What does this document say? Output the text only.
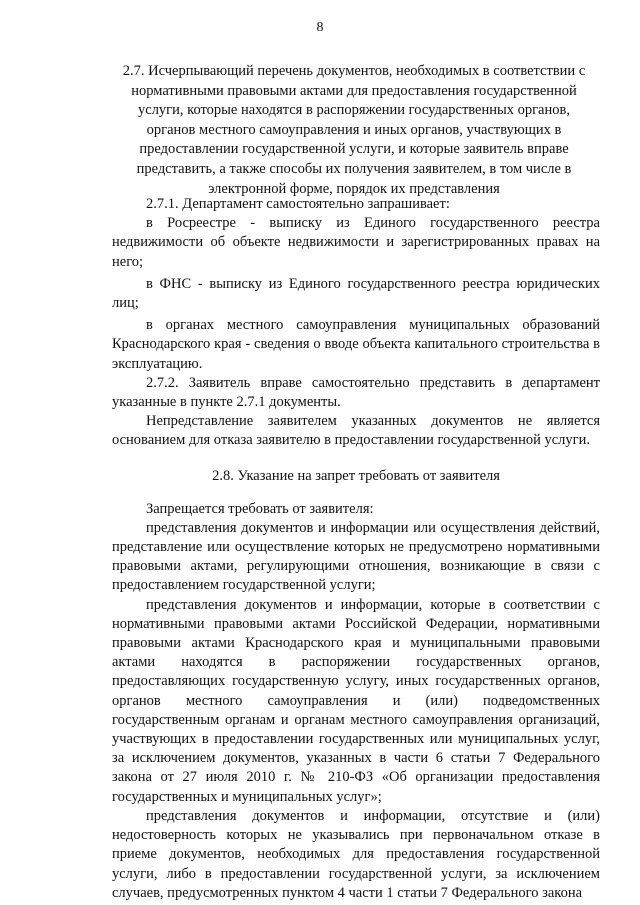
8
2.7. Исчерпывающий перечень документов, необходимых в соответствии с нормативными правовыми актами для предоставления государственной услуги, которые находятся в распоряжении государственных органов, органов местного самоуправления и иных органов, участвующих в предоставлении государственной услуги, и которые заявитель вправе представить, а также способы их получения заявителем, в том числе в электронной форме, порядок их представления

2.7.1. Департамент самостоятельно запрашивает:

в Росреестре - выписку из Единого государственного реестра недвижимости об объекте недвижимости и зарегистрированных правах на него;

в ФНС - выписку из Единого государственного реестра юридических лиц;

в органах местного самоуправления муниципальных образований Краснодарского края - сведения о вводе объекта капитального строительства в эксплуатацию.

2.7.2. Заявитель вправе самостоятельно представить в департамент указанные в пункте 2.7.1 документы.

Непредставление заявителем указанных документов не является основанием для отказа заявителю в предоставлении государственной услуги.

2.8. Указание на запрет требовать от заявителя

Запрещается требовать от заявителя:

представления документов и информации или осуществления действий, представление или осуществление которых не предусмотрено нормативными правовыми актами, регулирующими отношения, возникающие в связи с предоставлением государственной услуги;

представления документов и информации, которые в соответствии с нормативными правовыми актами Российской Федерации, нормативными правовыми актами Краснодарского края и муниципальными правовыми актами находятся в распоряжении государственных органов, предоставляющих государственную услугу, иных государственных органов, органов местного самоуправления и (или) подведомственных государственным органам и органам местного самоуправления организаций, участвующих в предоставлении государственных или муниципальных услуг, за исключением документов, указанных в части 6 статьи 7 Федерального закона от 27 июля 2010 г. № 210-ФЗ «Об организации предоставления государственных и муниципальных услуг»;

представления документов и информации, отсутствие и (или) недостоверность которых не указывались при первоначальном отказе в приеме документов, необходимых для предоставления государственной услуги, либо в предоставлении государственной услуги, за исключением случаев, предусмотренных пунктом 4 части 1 статьи 7 Федерального закона
